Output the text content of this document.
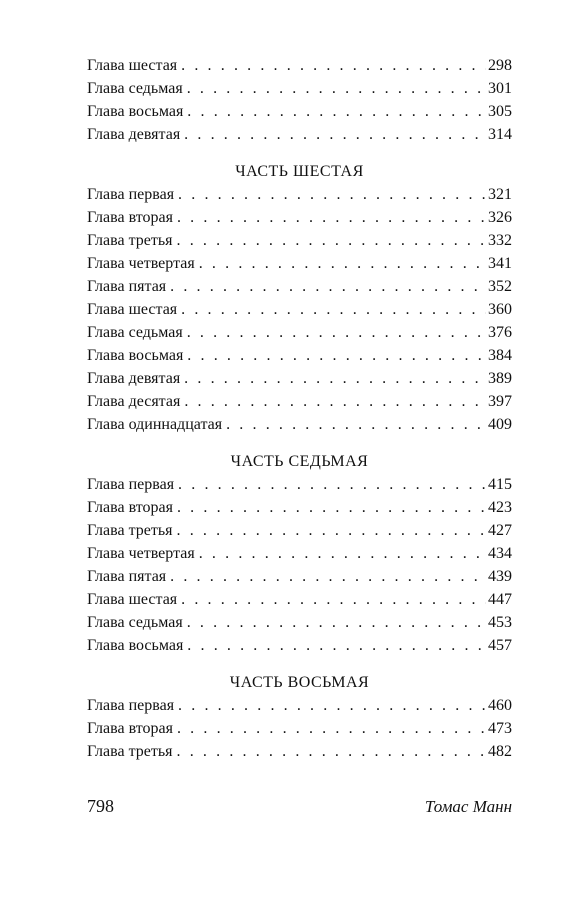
Глава шестая . . .	298
Глава седьмая . . .	301
Глава восьмая . . .	305
Глава девятая . . .	314
ЧАСТЬ ШЕСТАЯ
Глава первая . . .	321
Глава вторая . . .	326
Глава третья . . .	332
Глава четвертая . . .	341
Глава пятая . . .	352
Глава шестая . . .	360
Глава седьмая . . .	376
Глава восьмая . . .	384
Глава девятая . . .	389
Глава десятая . . .	397
Глава одиннадцатая . . .	409
ЧАСТЬ СЕДЬМАЯ
Глава первая . . .	415
Глава вторая . . .	423
Глава третья . . .	427
Глава четвертая . . .	434
Глава пятая . . .	439
Глава шестая . . .	447
Глава седьмая . . .	453
Глава восьмая . . .	457
ЧАСТЬ ВОСЬМАЯ
Глава первая . . .	460
Глава вторая . . .	473
Глава третья . . .	482
798	Томас Манн
